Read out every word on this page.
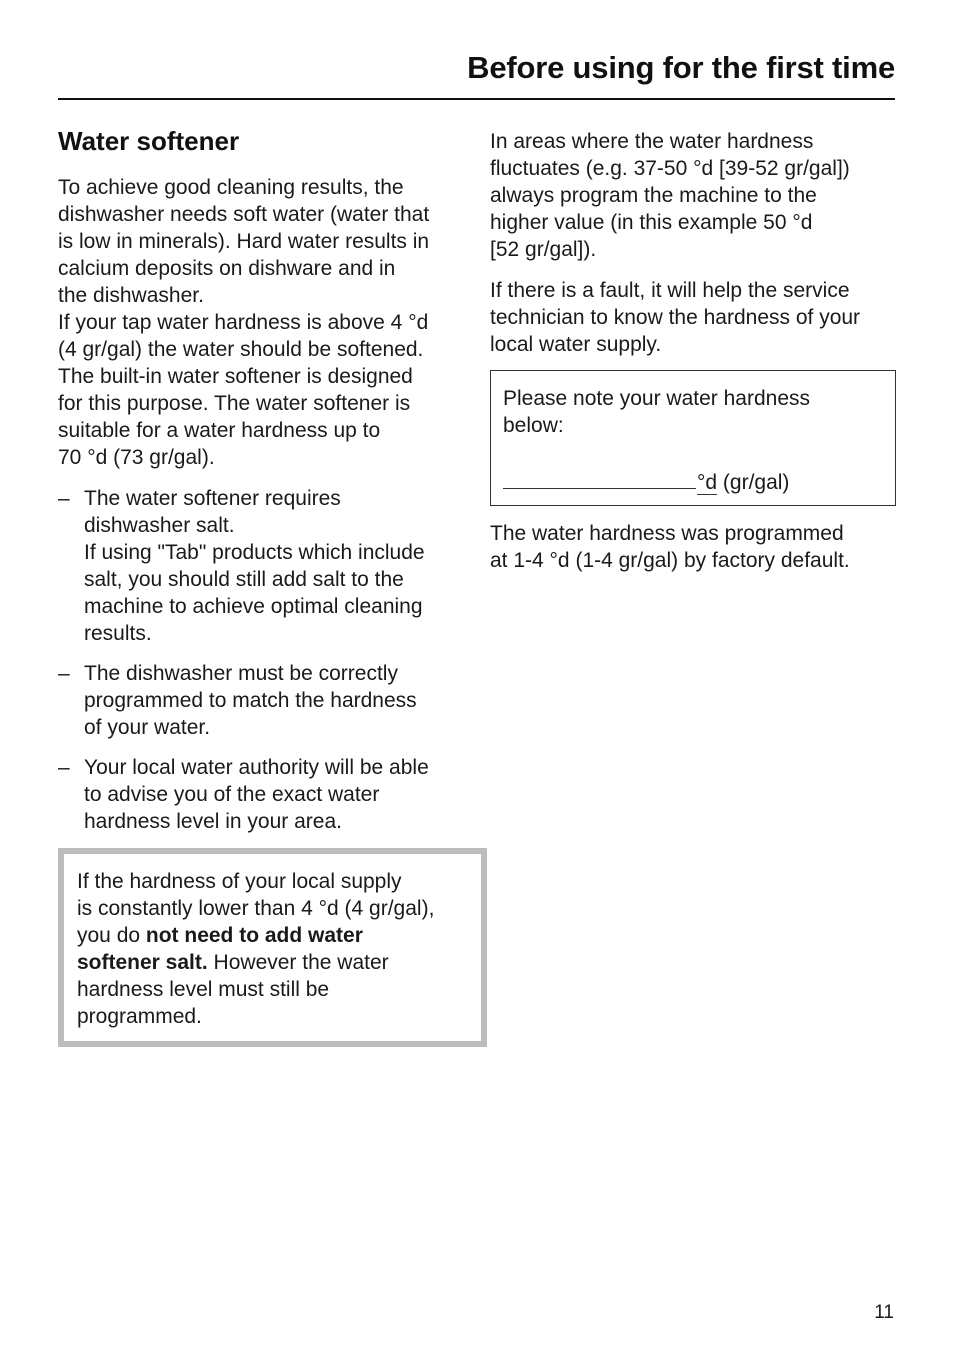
Before using for the first time
Water softener

To achieve good cleaning results, the
dishwasher needs soft water (water that
is low in minerals). Hard water results in
calcium deposits on dishware and in
the dishwasher.
If your tap water hardness is above 4 °d
(4 gr/gal) the water should be softened.
The built-in water softener is designed
for this purpose. The water softener is
suitable for a water hardness up to
70 °d (73 gr/gal).

– The water softener requires
dishwasher salt.
If using "Tab" products which include
salt, you should still add salt to the
machine to achieve optimal cleaning
results.
– The dishwasher must be correctly
programmed to match the hardness
of your water.
– Your local water authority will be able
to advise you of the exact water
hardness level in your area.
If the hardness of your local supply
is constantly lower than 4 °d (4 gr/gal),
you do not need to add water
softener salt. However the water
hardness level must still be
programmed.

In areas where the water hardness
fluctuates (e.g. 37-50 °d [39-52 gr/gal])
always program the machine to the
higher value (in this example 50 °d
[52 gr/gal]).

If there is a fault, it will help the service
technician to know the hardness of your
local water supply.

Please note your water hardness
below:
°d (gr/gal)

The water hardness was programmed
at 1-4 °d (1-4 gr/gal) by factory default.

11
